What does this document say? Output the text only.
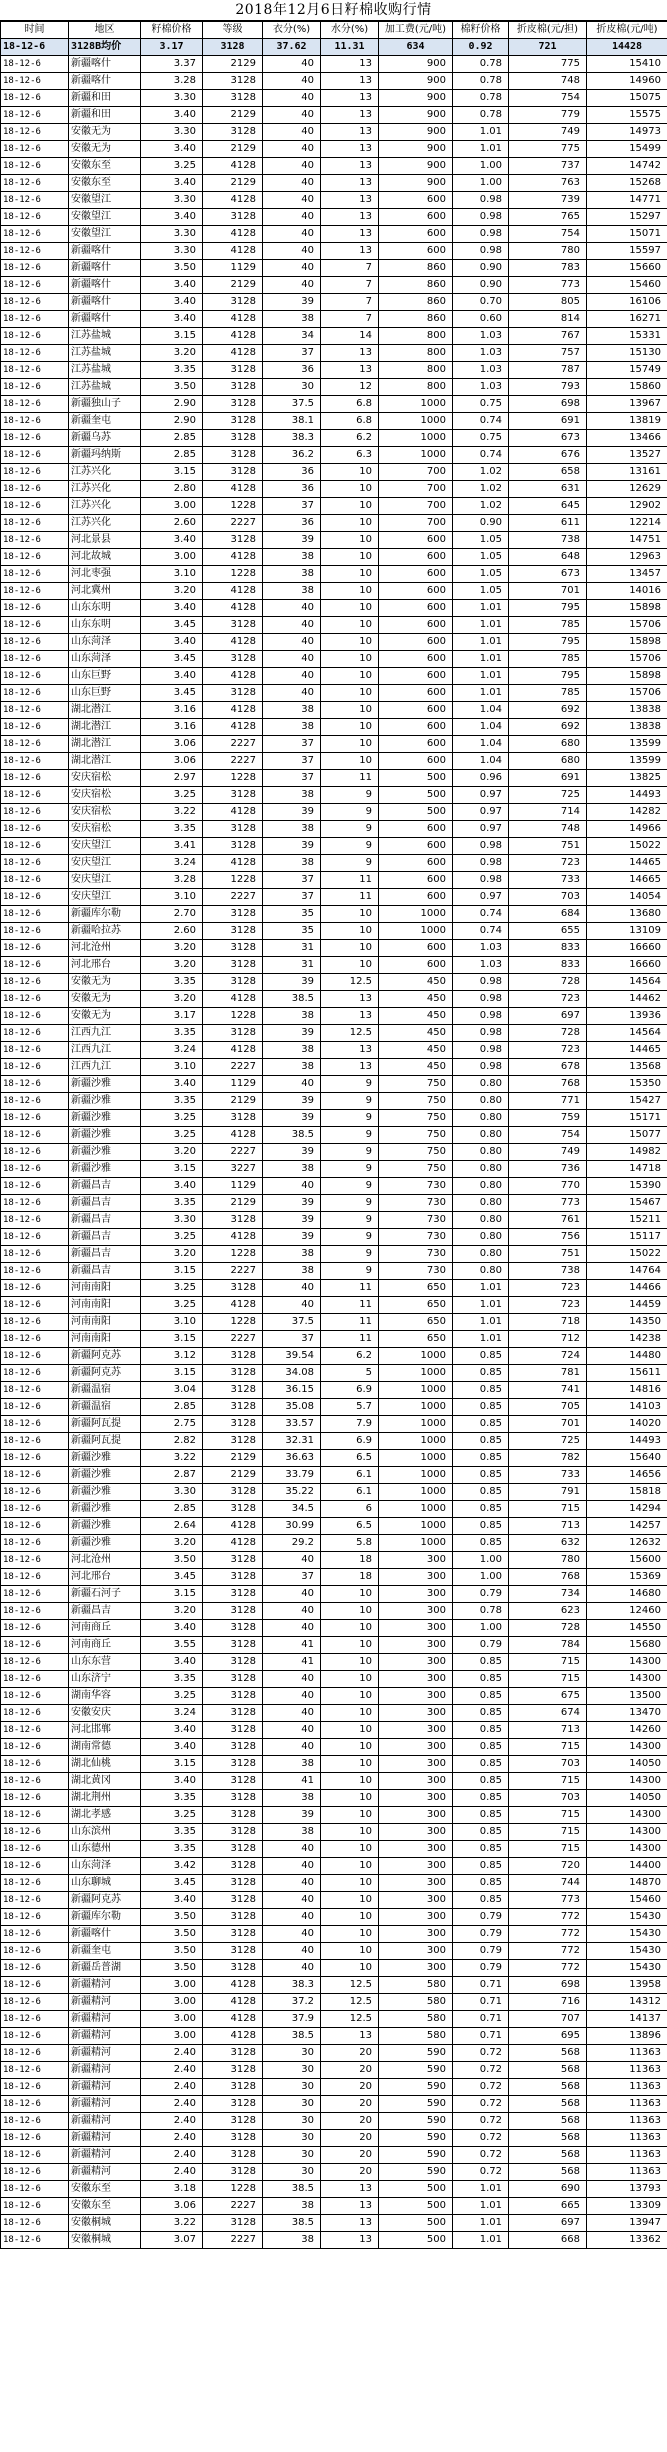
2018年12月6日籽棉收购行情
时间	地区	籽棉价格	等级	衣分(%)	水分(%)	加工费(元/吨)	棉籽价格	折皮棉(元/担)	折皮棉(元/吨)
18-12-6	3128B均价	3.17	3128	37.62	11.31	634	0.92	721	14428
18-12-6	新疆喀什	3.37	2129	40	13	900	0.78	775	15410
18-12-6	新疆喀什	3.28	3128	40	13	900	0.78	748	14960
18-12-6	新疆和田	3.30	3128	40	13	900	0.78	754	15075
18-12-6	新疆和田	3.40	2129	40	13	900	0.78	779	15575
18-12-6	安徽无为	3.30	3128	40	13	900	1.01	749	14973
18-12-6	安徽无为	3.40	2129	40	13	900	1.01	775	15499
18-12-6	安徽东至	3.25	4128	40	13	900	1.00	737	14742
18-12-6	安徽东至	3.40	2129	40	13	900	1.00	763	15268
18-12-6	安徽望江	3.30	4128	40	13	600	0.98	739	14771
18-12-6	安徽望江	3.40	3128	40	13	600	0.98	765	15297
18-12-6	安徽望江	3.30	4128	40	13	600	0.98	754	15071
18-12-6	新疆喀什	3.30	4128	40	13	600	0.98	780	15597
18-12-6	新疆喀什	3.50	1129	40	7	860	0.90	783	15660
18-12-6	新疆喀什	3.40	2129	40	7	860	0.90	773	15460
18-12-6	新疆喀什	3.40	3128	39	7	860	0.70	805	16106
18-12-6	新疆喀什	3.40	4128	38	7	860	0.60	814	16271
18-12-6	江苏盐城	3.15	4128	34	14	800	1.03	767	15331
18-12-6	江苏盐城	3.20	4128	37	13	800	1.03	757	15130
18-12-6	江苏盐城	3.35	3128	36	13	800	1.03	787	15749
18-12-6	江苏盐城	3.50	3128	30	12	800	1.03	793	15860
18-12-6	新疆独山子	2.90	3128	37.5	6.8	1000	0.75	698	13967
18-12-6	新疆奎屯	2.90	3128	38.1	6.8	1000	0.74	691	13819
18-12-6	新疆乌苏	2.85	3128	38.3	6.2	1000	0.75	673	13466
18-12-6	新疆玛纳斯	2.85	3128	36.2	6.3	1000	0.74	676	13527
18-12-6	江苏兴化	3.15	3128	36	10	700	1.02	658	13161
18-12-6	江苏兴化	2.80	4128	36	10	700	1.02	631	12629
18-12-6	江苏兴化	3.00	1228	37	10	700	1.02	645	12902
18-12-6	江苏兴化	2.60	2227	36	10	700	0.90	611	12214
18-12-6	河北景县	3.40	3128	39	10	600	1.05	738	14751
18-12-6	河北故城	3.00	4128	38	10	600	1.05	648	12963
18-12-6	河北枣强	3.10	1228	38	10	600	1.05	673	13457
18-12-6	河北冀州	3.20	4128	38	10	600	1.05	701	14016
18-12-6	山东东明	3.40	4128	40	10	600	1.01	795	15898
18-12-6	山东东明	3.45	3128	40	10	600	1.01	785	15706
18-12-6	山东菏泽	3.40	4128	40	10	600	1.01	795	15898
18-12-6	山东菏泽	3.45	3128	40	10	600	1.01	785	15706
18-12-6	山东巨野	3.40	4128	40	10	600	1.01	795	15898
18-12-6	山东巨野	3.45	3128	40	10	600	1.01	785	15706
18-12-6	湖北潜江	3.16	4128	38	10	600	1.04	692	13838
18-12-6	湖北潜江	3.16	4128	38	10	600	1.04	692	13838
18-12-6	湖北潜江	3.06	2227	37	10	600	1.04	680	13599
18-12-6	湖北潜江	3.06	2227	37	10	600	1.04	680	13599
18-12-6	安庆宿松	2.97	1228	37	11	500	0.96	691	13825
18-12-6	安庆宿松	3.25	3128	38	9	500	0.97	725	14493
18-12-6	安庆宿松	3.22	4128	39	9	500	0.97	714	14282
18-12-6	安庆宿松	3.35	3128	38	9	600	0.97	748	14966
18-12-6	安庆望江	3.41	3128	39	9	600	0.98	751	15022
18-12-6	安庆望江	3.24	4128	38	9	600	0.98	723	14465
18-12-6	安庆望江	3.28	1228	37	11	600	0.98	733	14665
18-12-6	安庆望江	3.10	2227	37	11	600	0.97	703	14054
18-12-6	新疆库尔勒	2.70	3128	35	10	1000	0.74	684	13680
18-12-6	新疆哈拉苏	2.60	3128	35	10	1000	0.74	655	13109
18-12-6	河北沧州	3.20	3128	31	10	600	1.03	833	16660
18-12-6	河北邢台	3.20	3128	31	10	600	1.03	833	16660
18-12-6	安徽无为	3.35	3128	39	12.5	450	0.98	728	14564
18-12-6	安徽无为	3.20	4128	38.5	13	450	0.98	723	14462
18-12-6	安徽无为	3.17	1228	38	13	450	0.98	697	13936
18-12-6	江西九江	3.35	3128	39	12.5	450	0.98	728	14564
18-12-6	江西九江	3.24	4128	38	13	450	0.98	723	14465
18-12-6	江西九江	3.10	2227	38	13	450	0.98	678	13568
18-12-6	新疆沙雅	3.40	1129	40	9	750	0.80	768	15350
18-12-6	新疆沙雅	3.35	2129	39	9	750	0.80	771	15427
18-12-6	新疆沙雅	3.25	3128	39	9	750	0.80	759	15171
18-12-6	新疆沙雅	3.25	4128	38.5	9	750	0.80	754	15077
18-12-6	新疆沙雅	3.20	2227	39	9	750	0.80	749	14982
18-12-6	新疆沙雅	3.15	3227	38	9	750	0.80	736	14718
18-12-6	新疆昌吉	3.40	1129	40	9	730	0.80	770	15390
18-12-6	新疆昌吉	3.35	2129	39	9	730	0.80	773	15467
18-12-6	新疆昌吉	3.30	3128	39	9	730	0.80	761	15211
18-12-6	新疆昌吉	3.25	4128	39	9	730	0.80	756	15117
18-12-6	新疆昌吉	3.20	1228	38	9	730	0.80	751	15022
18-12-6	新疆昌吉	3.15	2227	38	9	730	0.80	738	14764
18-12-6	河南南阳	3.25	3128	40	11	650	1.01	723	14466
18-12-6	河南南阳	3.25	4128	40	11	650	1.01	723	14459
18-12-6	河南南阳	3.10	1228	37.5	11	650	1.01	718	14350
18-12-6	河南南阳	3.15	2227	37	11	650	1.01	712	14238
18-12-6	新疆阿克苏	3.12	3128	39.54	6.2	1000	0.85	724	14480
18-12-6	新疆阿克苏	3.15	3128	34.08	5	1000	0.85	781	15611
18-12-6	新疆温宿	3.04	3128	36.15	6.9	1000	0.85	741	14816
18-12-6	新疆温宿	2.85	3128	35.08	5.7	1000	0.85	705	14103
18-12-6	新疆阿瓦提	2.75	3128	33.57	7.9	1000	0.85	701	14020
18-12-6	新疆阿瓦提	2.82	3128	32.31	6.9	1000	0.85	725	14493
18-12-6	新疆沙雅	3.22	2129	36.63	6.5	1000	0.85	782	15640
18-12-6	新疆沙雅	2.87	2129	33.79	6.1	1000	0.85	733	14656
18-12-6	新疆沙雅	3.30	3128	35.22	6.1	1000	0.85	791	15818
18-12-6	新疆沙雅	2.85	3128	34.5	6	1000	0.85	715	14294
18-12-6	新疆沙雅	2.64	4128	30.99	6.5	1000	0.85	713	14257
18-12-6	新疆沙雅	3.20	4128	29.2	5.8	1000	0.85	632	12632
18-12-6	河北沧州	3.50	3128	40	18	300	1.00	780	15600
18-12-6	河北邢台	3.45	3128	37	18	300	1.00	768	15369
18-12-6	新疆石河子	3.15	3128	40	10	300	0.79	734	14680
18-12-6	新疆昌吉	3.20	3128	40	10	300	0.78	623	12460
18-12-6	河南商丘	3.40	3128	40	10	300	1.00	728	14550
18-12-6	河南商丘	3.55	3128	41	10	300	0.79	784	15680
18-12-6	山东东营	3.40	3128	41	10	300	0.85	715	14300
18-12-6	山东济宁	3.35	3128	40	10	300	0.85	715	14300
18-12-6	湖南华容	3.25	3128	40	10	300	0.85	675	13500
18-12-6	安徽安庆	3.24	3128	40	10	300	0.85	674	13470
18-12-6	河北邯郸	3.40	3128	40	10	300	0.85	713	14260
18-12-6	湖南常德	3.40	3128	40	10	300	0.85	715	14300
18-12-6	湖北仙桃	3.15	3128	38	10	300	0.85	703	14050
18-12-6	湖北黄冈	3.40	3128	41	10	300	0.85	715	14300
18-12-6	湖北荆州	3.35	3128	38	10	300	0.85	703	14050
18-12-6	湖北孝感	3.25	3128	39	10	300	0.85	715	14300
18-12-6	山东滨州	3.35	3128	38	10	300	0.85	715	14300
18-12-6	山东德州	3.35	3128	40	10	300	0.85	715	14300
18-12-6	山东菏泽	3.42	3128	40	10	300	0.85	720	14400
18-12-6	山东聊城	3.45	3128	40	10	300	0.85	744	14870
18-12-6	新疆阿克苏	3.40	3128	40	10	300	0.85	773	15460
18-12-6	新疆库尔勒	3.50	3128	40	10	300	0.79	772	15430
18-12-6	新疆喀什	3.50	3128	40	10	300	0.79	772	15430
18-12-6	新疆奎屯	3.50	3128	40	10	300	0.79	772	15430
18-12-6	新疆岳普湖	3.50	3128	40	10	300	0.79	772	15430
18-12-6	新疆精河	3.00	4128	38.3	12.5	580	0.71	698	13958
18-12-6	新疆精河	3.00	4128	37.2	12.5	580	0.71	716	14312
18-12-6	新疆精河	3.00	4128	37.9	12.5	580	0.71	707	14137
18-12-6	新疆精河	3.00	4128	38.5	13	580	0.71	695	13896
18-12-6	新疆精河	2.40	3128	30	20	590	0.72	568	11363
18-12-6	新疆精河	2.40	3128	30	20	590	0.72	568	11363
18-12-6	新疆精河	2.40	3128	30	20	590	0.72	568	11363
18-12-6	新疆精河	2.40	3128	30	20	590	0.72	568	11363
18-12-6	新疆精河	2.40	3128	30	20	590	0.72	568	11363
18-12-6	新疆精河	2.40	3128	30	20	590	0.72	568	11363
18-12-6	新疆精河	2.40	3128	30	20	590	0.72	568	11363
18-12-6	新疆精河	2.40	3128	30	20	590	0.72	568	11363
18-12-6	安徽东至	3.18	1228	38.5	13	500	1.01	690	13793
18-12-6	安徽东至	3.06	2227	38	13	500	1.01	665	13309
18-12-6	安徽桐城	3.22	3128	38.5	13	500	1.01	697	13947
18-12-6	安徽桐城	3.07	2227	38	13	500	1.01	668	13362
